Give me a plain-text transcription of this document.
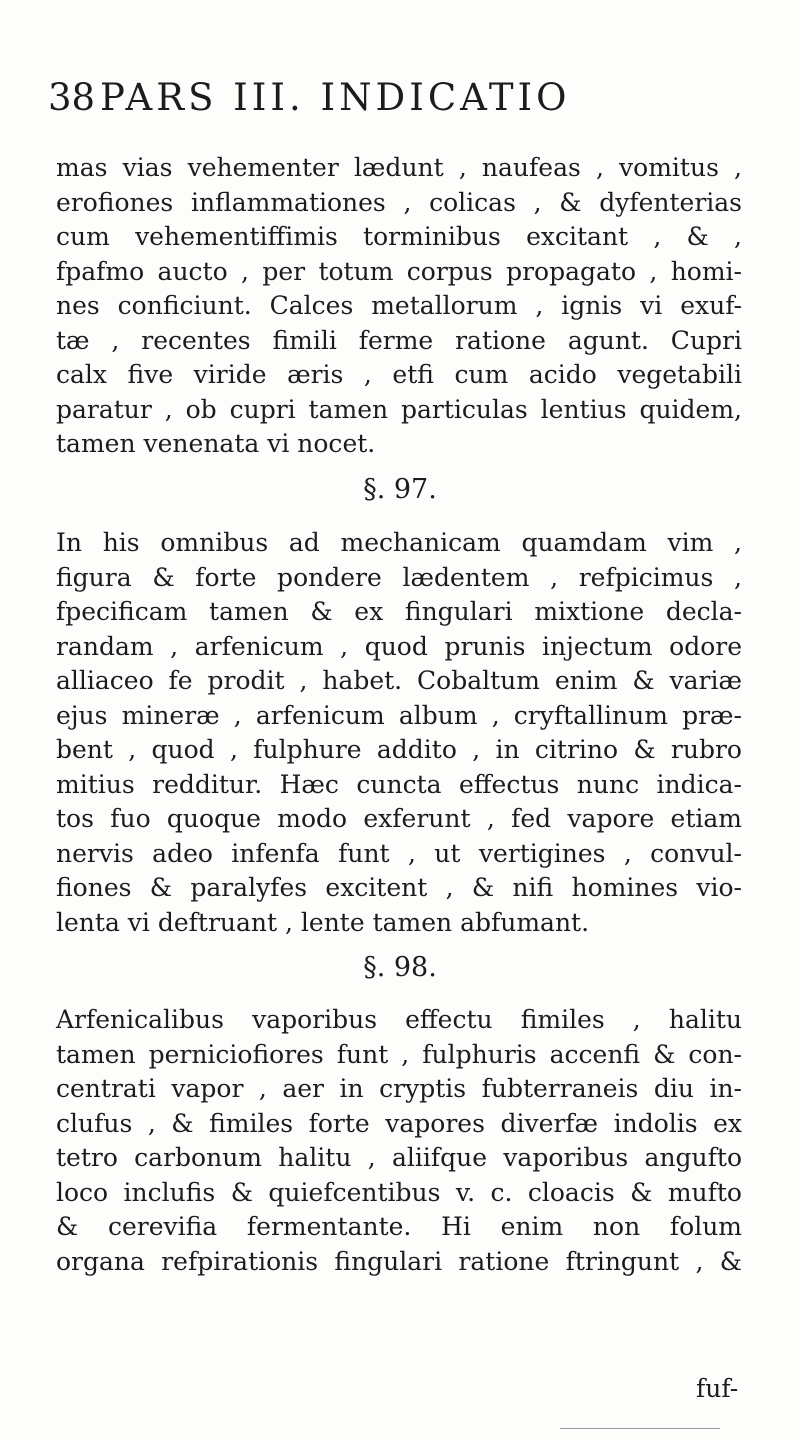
38 PARS III. INDICATIO
mas vias vehementer lædunt , naufeas , vomitus ,
erofiones inflammationes , colicas , & dyfenterias
cum vehementiffimis torminibus excitant , & ,
fpafmo aucto , per totum corpus propagato , homi-
nes conficiunt. Calces metallorum , ignis vi exuf-
tæ , recentes fimili ferme ratione agunt. Cupri
calx five viride æris , etfi cum acido vegetabili
paratur , ob cupri tamen particulas lentius quidem,
tamen venenata vi nocet.
§. 97.
In his omnibus ad mechanicam quamdam vim ,
figura & forte pondere lædentem , refpicimus ,
fpecificam tamen & ex fingulari mixtione decla-
randam , arfenicum , quod prunis injectum odore
alliaceo fe prodit , habet. Cobaltum enim & variæ
ejus mineræ , arfenicum album , cryftallinum præ-
bent , quod , fulphure addito , in citrino & rubro
mitius redditur. Hæc cuncta effectus nunc indica-
tos fuo quoque modo exferunt , fed vapore etiam
nervis adeo infenfa funt , ut vertigines , convul-
fiones & paralyfes excitent , & nifi homines vio-
lenta vi deftruant , lente tamen abfumant.
§. 98.
Arfenicalibus vaporibus effectu fimiles , halitu
tamen perniciofiores funt , fulphuris accenfi & con-
centrati vapor , aer in cryptis fubterraneis diu in-
clufus , & fimiles forte vapores diverfæ indolis ex
tetro carbonum halitu , aliifque vaporibus angufto
loco inclufis & quiefcentibus v. c. cloacis & mufto
& cerevifia fermentante. Hi enim non folum
organa refpirationis fingulari ratione ftringunt , &
fuf-
